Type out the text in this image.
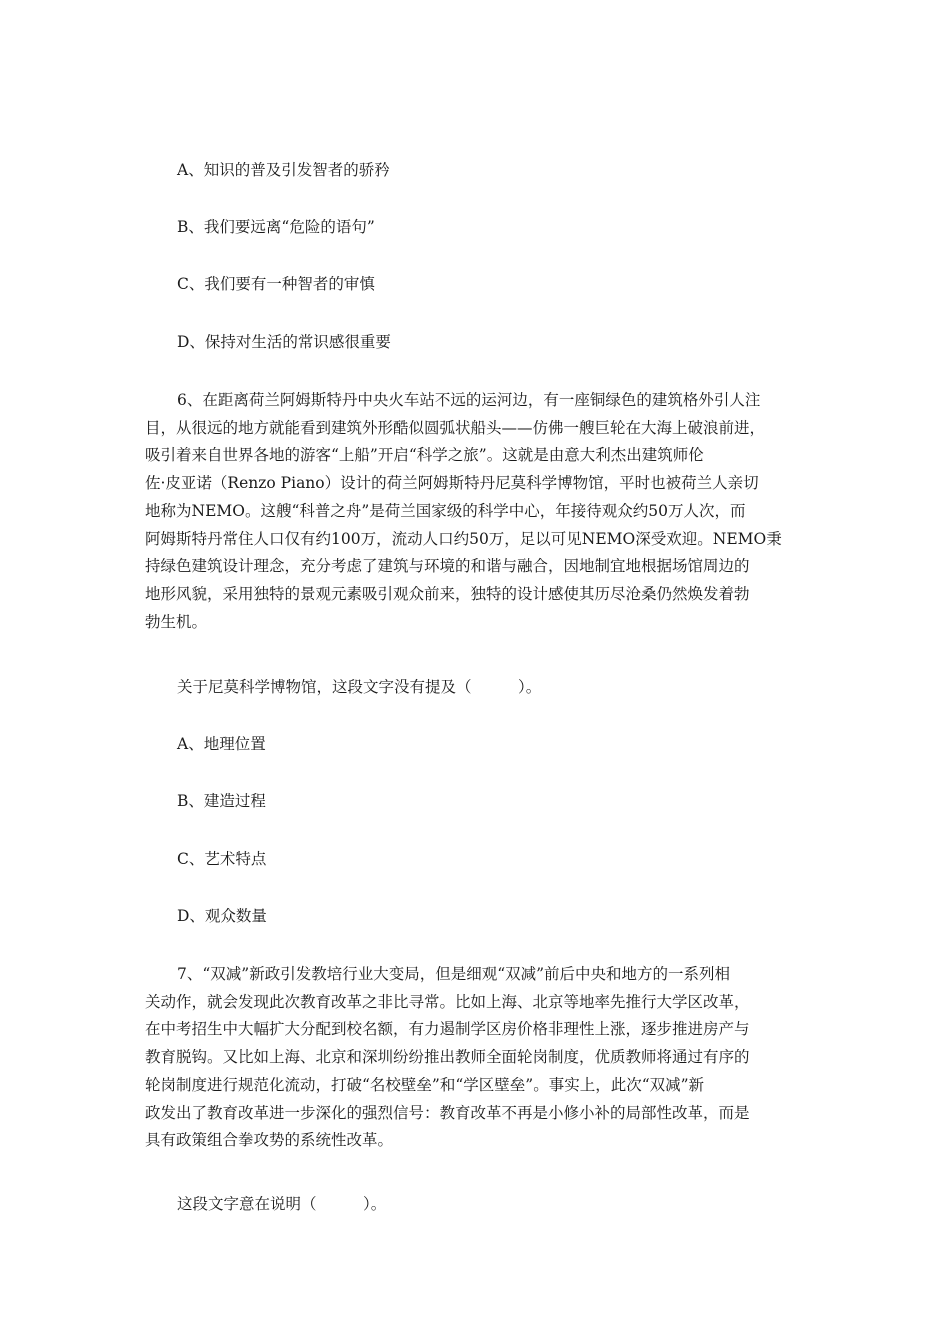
A、知识的普及引发智者的骄矜
B、我们要远离“危险的语句”
C、我们要有一种智者的审慎
D、保持对生活的常识感很重要
6、在距离荷兰阿姆斯特丹中央火车站不远的运河边，有一座铜绿色的建筑格外引人注
目，从很远的地方就能看到建筑外形酷似圆弧状船头——仿佛一艘巨轮在大海上破浪前进，
吸引着来自世界各地的游客“上船”开启“科学之旅”。这就是由意大利杰出建筑师伦
佐·皮亚诺（Renzo Piano）设计的荷兰阿姆斯特丹尼莫科学博物馆，平时也被荷兰人亲切
地称为NEMO。这艘“科普之舟”是荷兰国家级的科学中心，年接待观众约50万人次，而
阿姆斯特丹常住人口仅有约100万，流动人口约50万，足以可见NEMO深受欢迎。NEMO秉
持绿色建筑设计理念，充分考虑了建筑与环境的和谐与融合，因地制宜地根据场馆周边的
地形风貌，采用独特的景观元素吸引观众前来，独特的设计感使其历尽沧桑仍然焕发着勃
勃生机。
关于尼莫科学博物馆，这段文字没有提及（　　　）。
A、地理位置
B、建造过程
C、艺术特点
D、观众数量
7、“双减”新政引发教培行业大变局，但是细观“双减”前后中央和地方的一系列相
关动作，就会发现此次教育改革之非比寻常。比如上海、北京等地率先推行大学区改革，
在中考招生中大幅扩大分配到校名额，有力遏制学区房价格非理性上涨，逐步推进房产与
教育脱钩。又比如上海、北京和深圳纷纷推出教师全面轮岗制度，优质教师将通过有序的
轮岗制度进行规范化流动，打破“名校壁垒”和“学区壁垒”。事实上，此次“双减”新
政发出了教育改革进一步深化的强烈信号：教育改革不再是小修小补的局部性改革，而是
具有政策组合拳攻势的系统性改革。
这段文字意在说明（　　　）。
